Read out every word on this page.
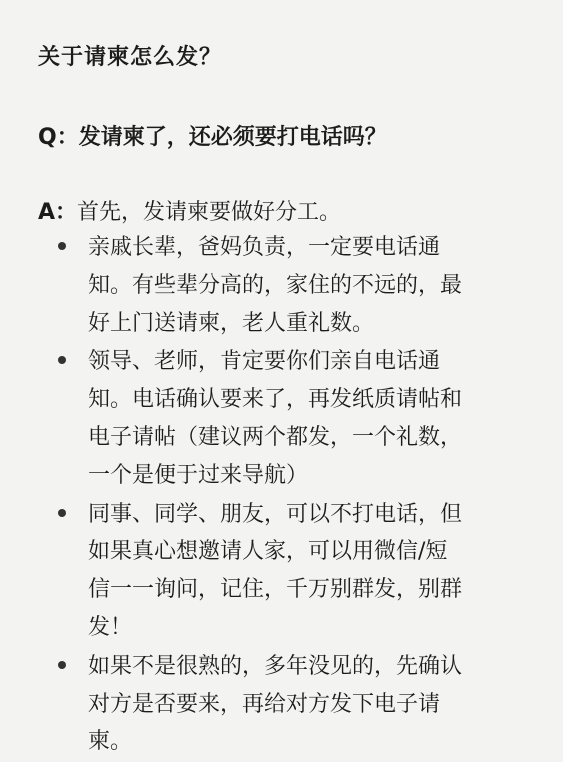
关于请柬怎么发？
Q：发请柬了，还必须要打电话吗？
A：首先，发请柬要做好分工。
亲戚长辈，爸妈负责，一定要电话通
知。有些辈分高的，家住的不远的，最
好上门送请柬，老人重礼数。
领导、老师，肯定要你们亲自电话通
知。电话确认要来了，再发纸质请帖和
电子请帖（建议两个都发，一个礼数，
一个是便于过来导航）
同事、同学、朋友，可以不打电话，但
如果真心想邀请人家，可以用微信/短
信一一询问，记住，千万别群发，别群
发！
如果不是很熟的，多年没见的，先确认
对方是否要来，再给对方发下电子请
柬。
